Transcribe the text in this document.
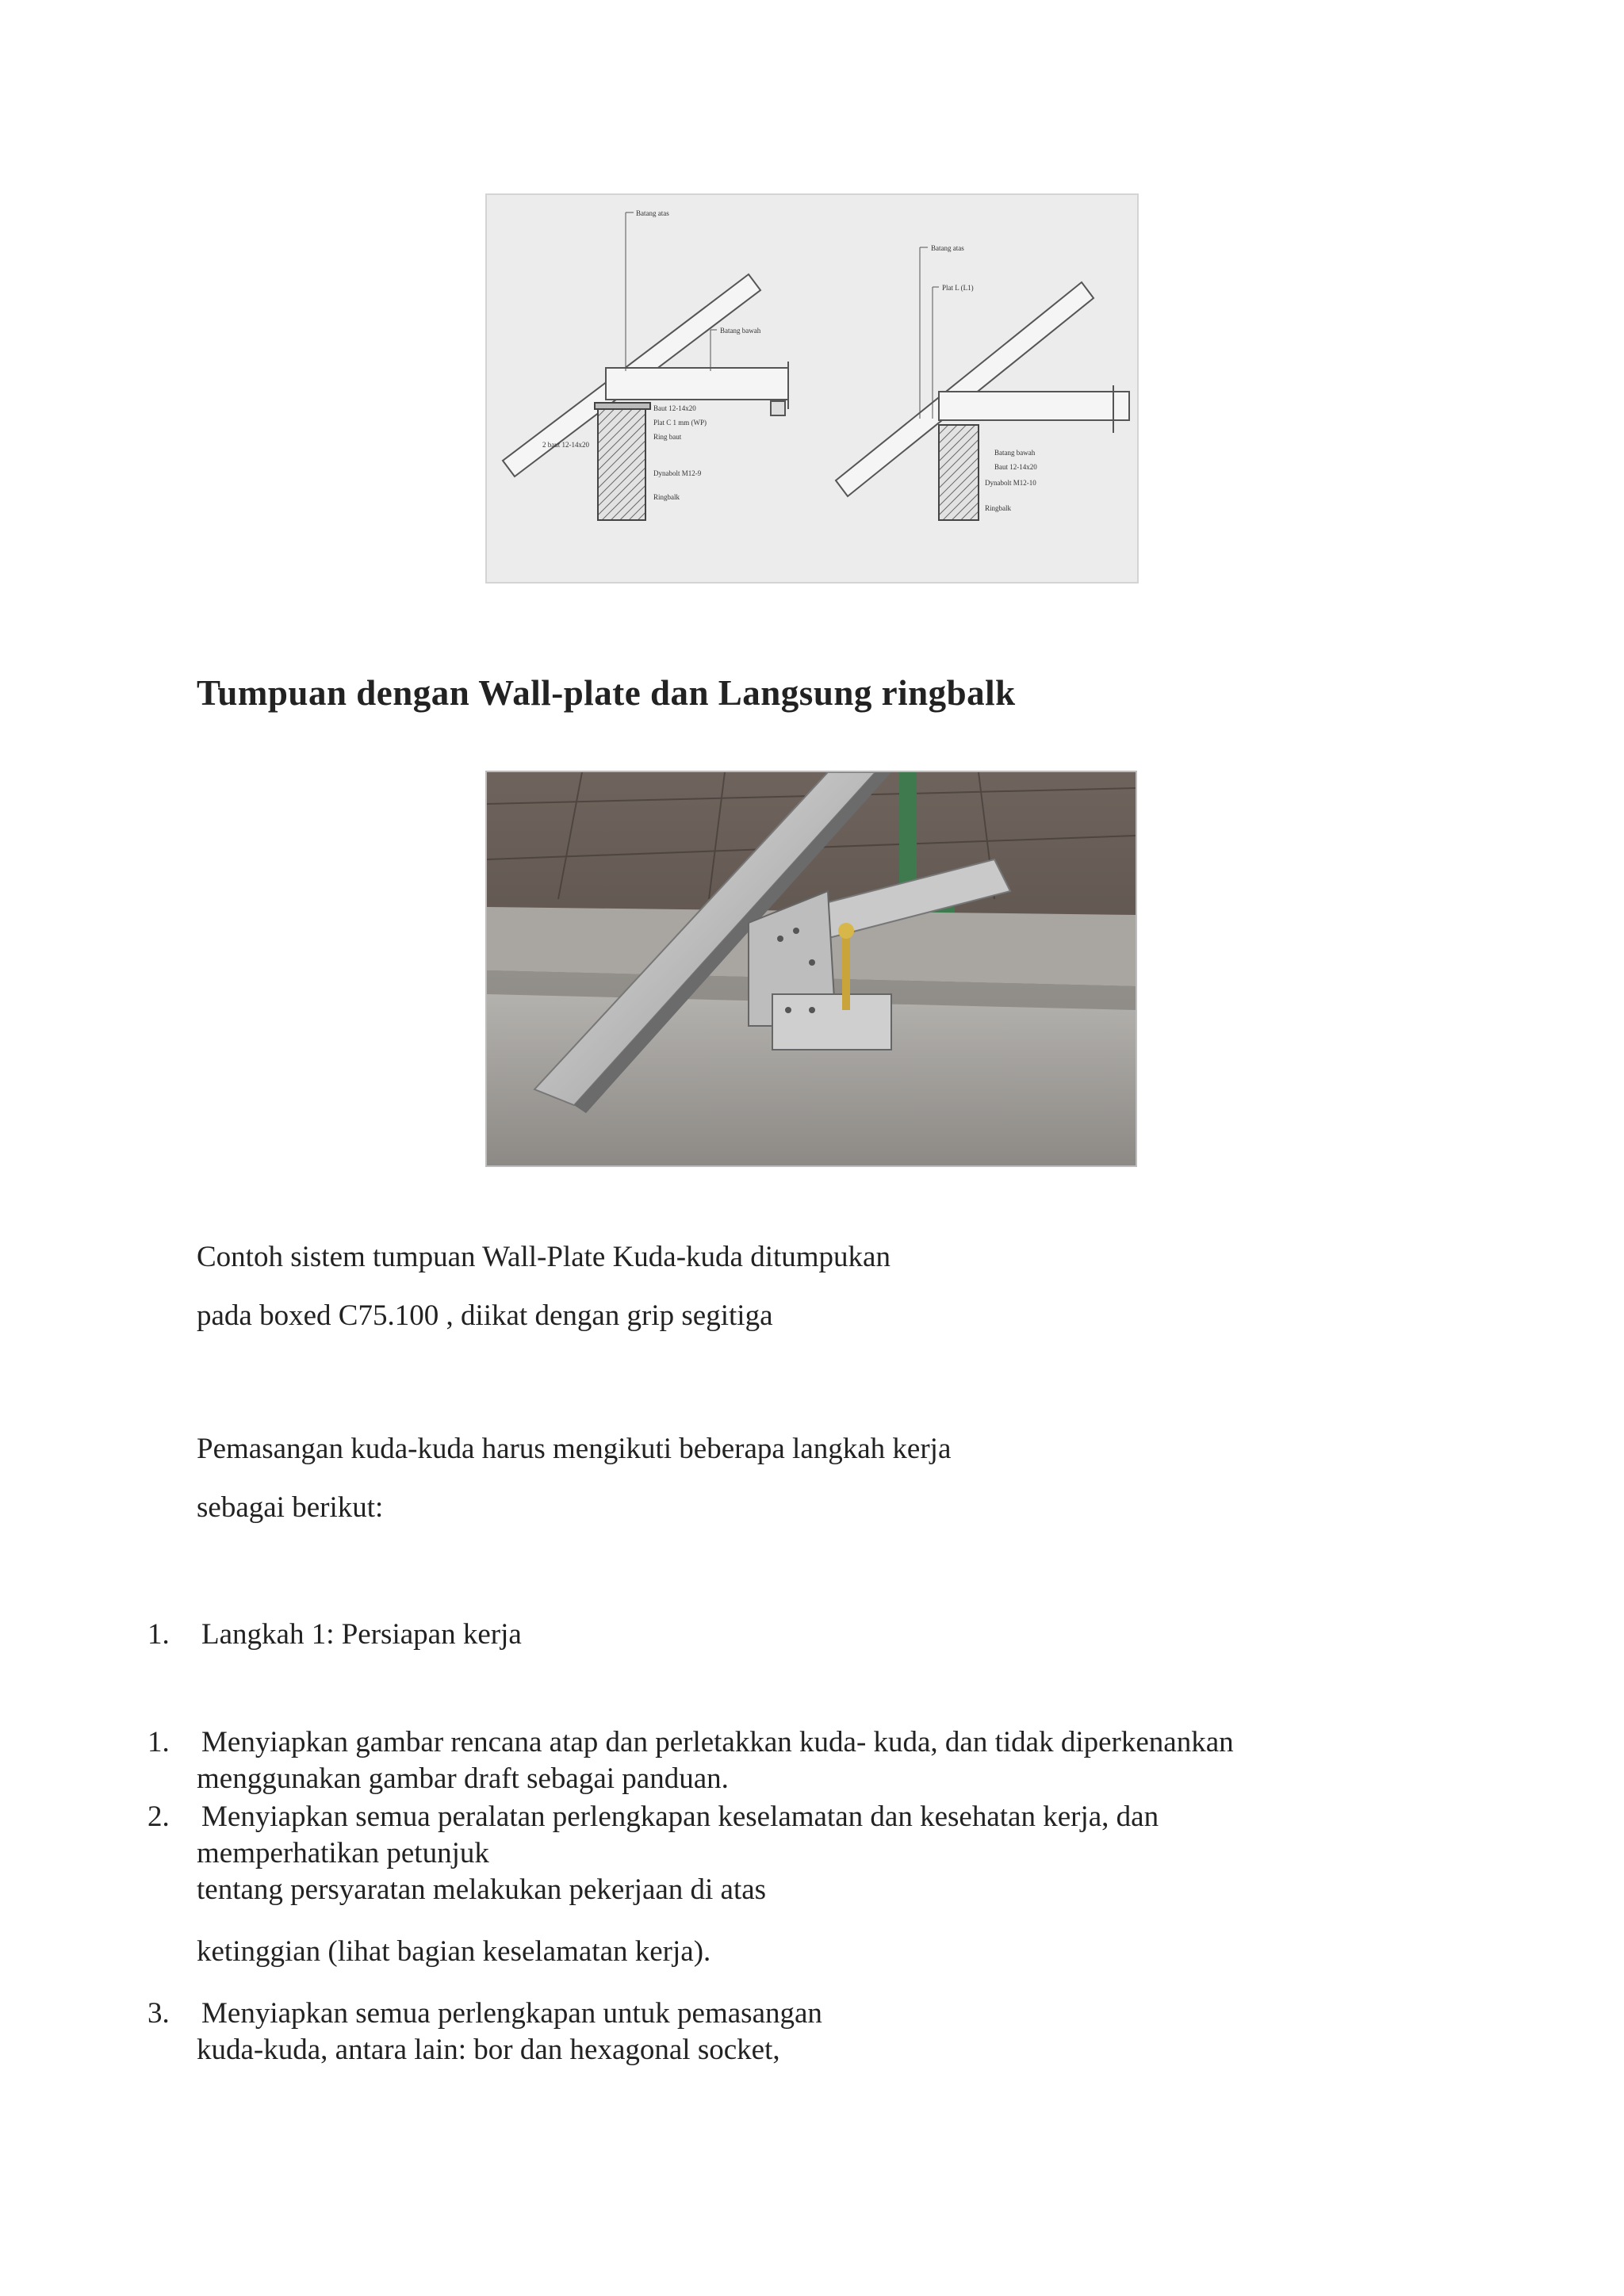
Batang atas
Batang bawah
Baut 12-14x20
Plat C 1 mm (WP)
Ring baut
Dynabolt M12-9
Ringbalk
2 baut 12-14x20
Batang atas
Plat L (L1)
Batang bawah
Baut 12-14x20
Dynabolt M12-10
Ringbalk
Tumpuan dengan Wall-plate dan Langsung ringbalk
Contoh sistem tumpuan Wall-Plate Kuda-kuda ditumpukan
pada boxed C75.100 , diikat dengan grip segitiga
Pemasangan kuda-kuda harus mengikuti beberapa langkah kerja
sebagai berikut:
1. Langkah 1: Persiapan kerja
1. Menyiapkan gambar rencana atap dan perletakkan kuda- kuda, dan tidak diperkenankan
menggunakan gambar draft sebagai panduan.
2. Menyiapkan semua peralatan perlengkapan keselamatan dan kesehatan kerja, dan
memperhatikan petunjuk
tentang persyaratan melakukan pekerjaan di atas
ketinggian (lihat bagian keselamatan kerja).
3. Menyiapkan semua perlengkapan untuk pemasangan
kuda-kuda, antara lain: bor dan hexagonal socket,
